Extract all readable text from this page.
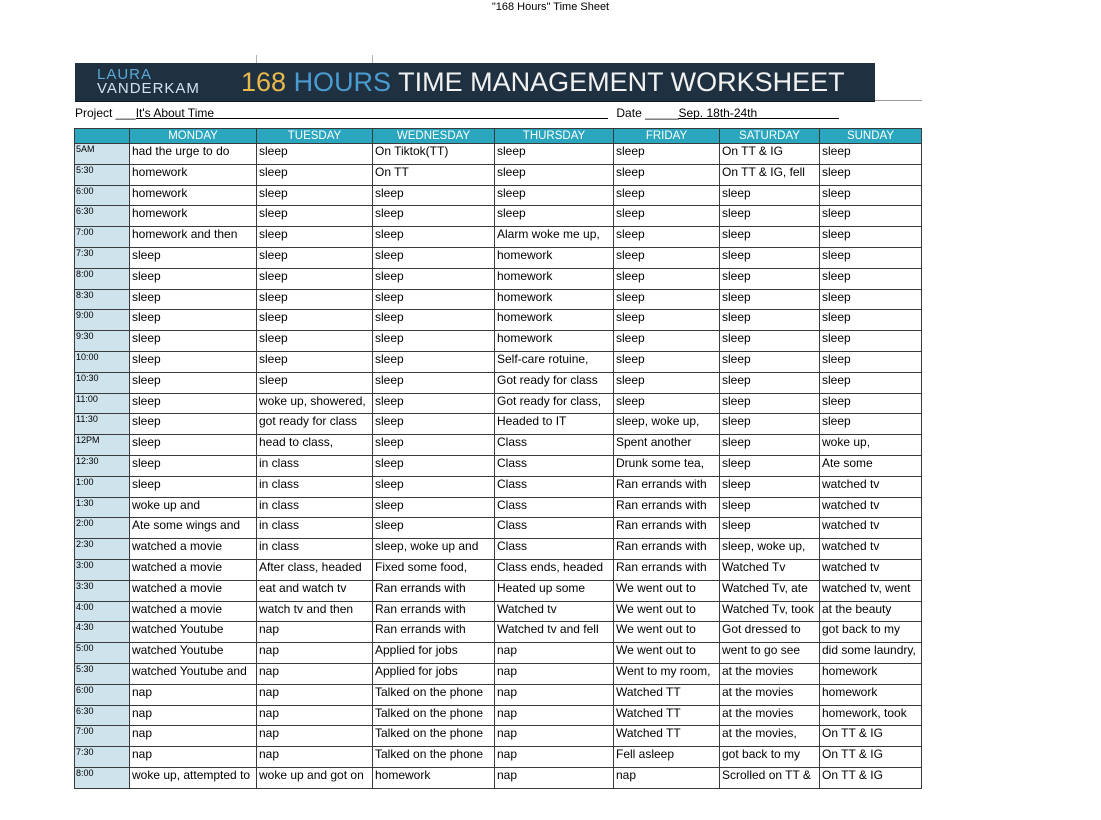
"168 Hours" Time Sheet
LAURA
VANDERKAM 168 HOURS TIME MANAGEMENT WORKSHEET
Project ___It's About Time	Date _____Sep. 18th-24th
	MONDAY	TUESDAY	WEDNESDAY	THURSDAY	FRIDAY	SATURDAY	SUNDAY
5AM	had the urge to do	sleep	On Tiktok(TT)	sleep	sleep	On TT & IG	sleep
5:30	homework	sleep	On TT	sleep	sleep	On TT & IG, fell	sleep
6:00	homework	sleep	sleep	sleep	sleep	sleep	sleep
6:30	homework	sleep	sleep	sleep	sleep	sleep	sleep
7:00	homework and then	sleep	sleep	Alarm woke me up,	sleep	sleep	sleep
7:30	sleep	sleep	sleep	homework	sleep	sleep	sleep
8:00	sleep	sleep	sleep	homework	sleep	sleep	sleep
8:30	sleep	sleep	sleep	homework	sleep	sleep	sleep
9:00	sleep	sleep	sleep	homework	sleep	sleep	sleep
9:30	sleep	sleep	sleep	homework	sleep	sleep	sleep
10:00	sleep	sleep	sleep	Self-care rotuine,	sleep	sleep	sleep
10:30	sleep	sleep	sleep	Got ready for class	sleep	sleep	sleep
11:00	sleep	woke up, showered,	sleep	Got ready for class,	sleep	sleep	sleep
11:30	sleep	got ready for class	sleep	Headed to IT	sleep, woke up,	sleep	sleep
12PM	sleep	head to class,	sleep	Class	Spent another	sleep	woke up,
12:30	sleep	in class	sleep	Class	Drunk some tea,	sleep	Ate some
1:00	sleep	in class	sleep	Class	Ran errands with	sleep	watched tv
1:30	woke up and	in class	sleep	Class	Ran errands with	sleep	watched tv
2:00	Ate some wings and	in class	sleep	Class	Ran errands with	sleep	watched tv
2:30	watched a movie	in class	sleep, woke up and	Class	Ran errands with	sleep, woke up,	watched tv
3:00	watched a movie	After class, headed	Fixed some food,	Class ends, headed	Ran errands with	Watched Tv	watched tv
3:30	watched a movie	eat and watch tv	Ran errands with	Heated up some	We went out to	Watched Tv, ate	watched tv, went
4:00	watched a movie	watch tv and then	Ran errands with	Watched tv	We went out to	Watched Tv, took	at the beauty
4:30	watched Youtube	nap	Ran errands with	Watched tv and fell	We went out to	Got dressed to	got back to my
5:00	watched Youtube	nap	Applied for jobs	nap	We went out to	went to go see	did some laundry,
5:30	watched Youtube and	nap	Applied for jobs	nap	Went to my room,	at the movies	homework
6:00	nap	nap	Talked on the phone	nap	Watched TT	at the movies	homework
6:30	nap	nap	Talked on the phone	nap	Watched TT	at the movies	homework, took
7:00	nap	nap	Talked on the phone	nap	Watched TT	at the movies,	On TT & IG
7:30	nap	nap	Talked on the phone	nap	Fell asleep	got back to my	On TT & IG
8:00	woke up, attempted to	woke up and got on	homework	nap	nap	Scrolled on TT &	On TT & IG
